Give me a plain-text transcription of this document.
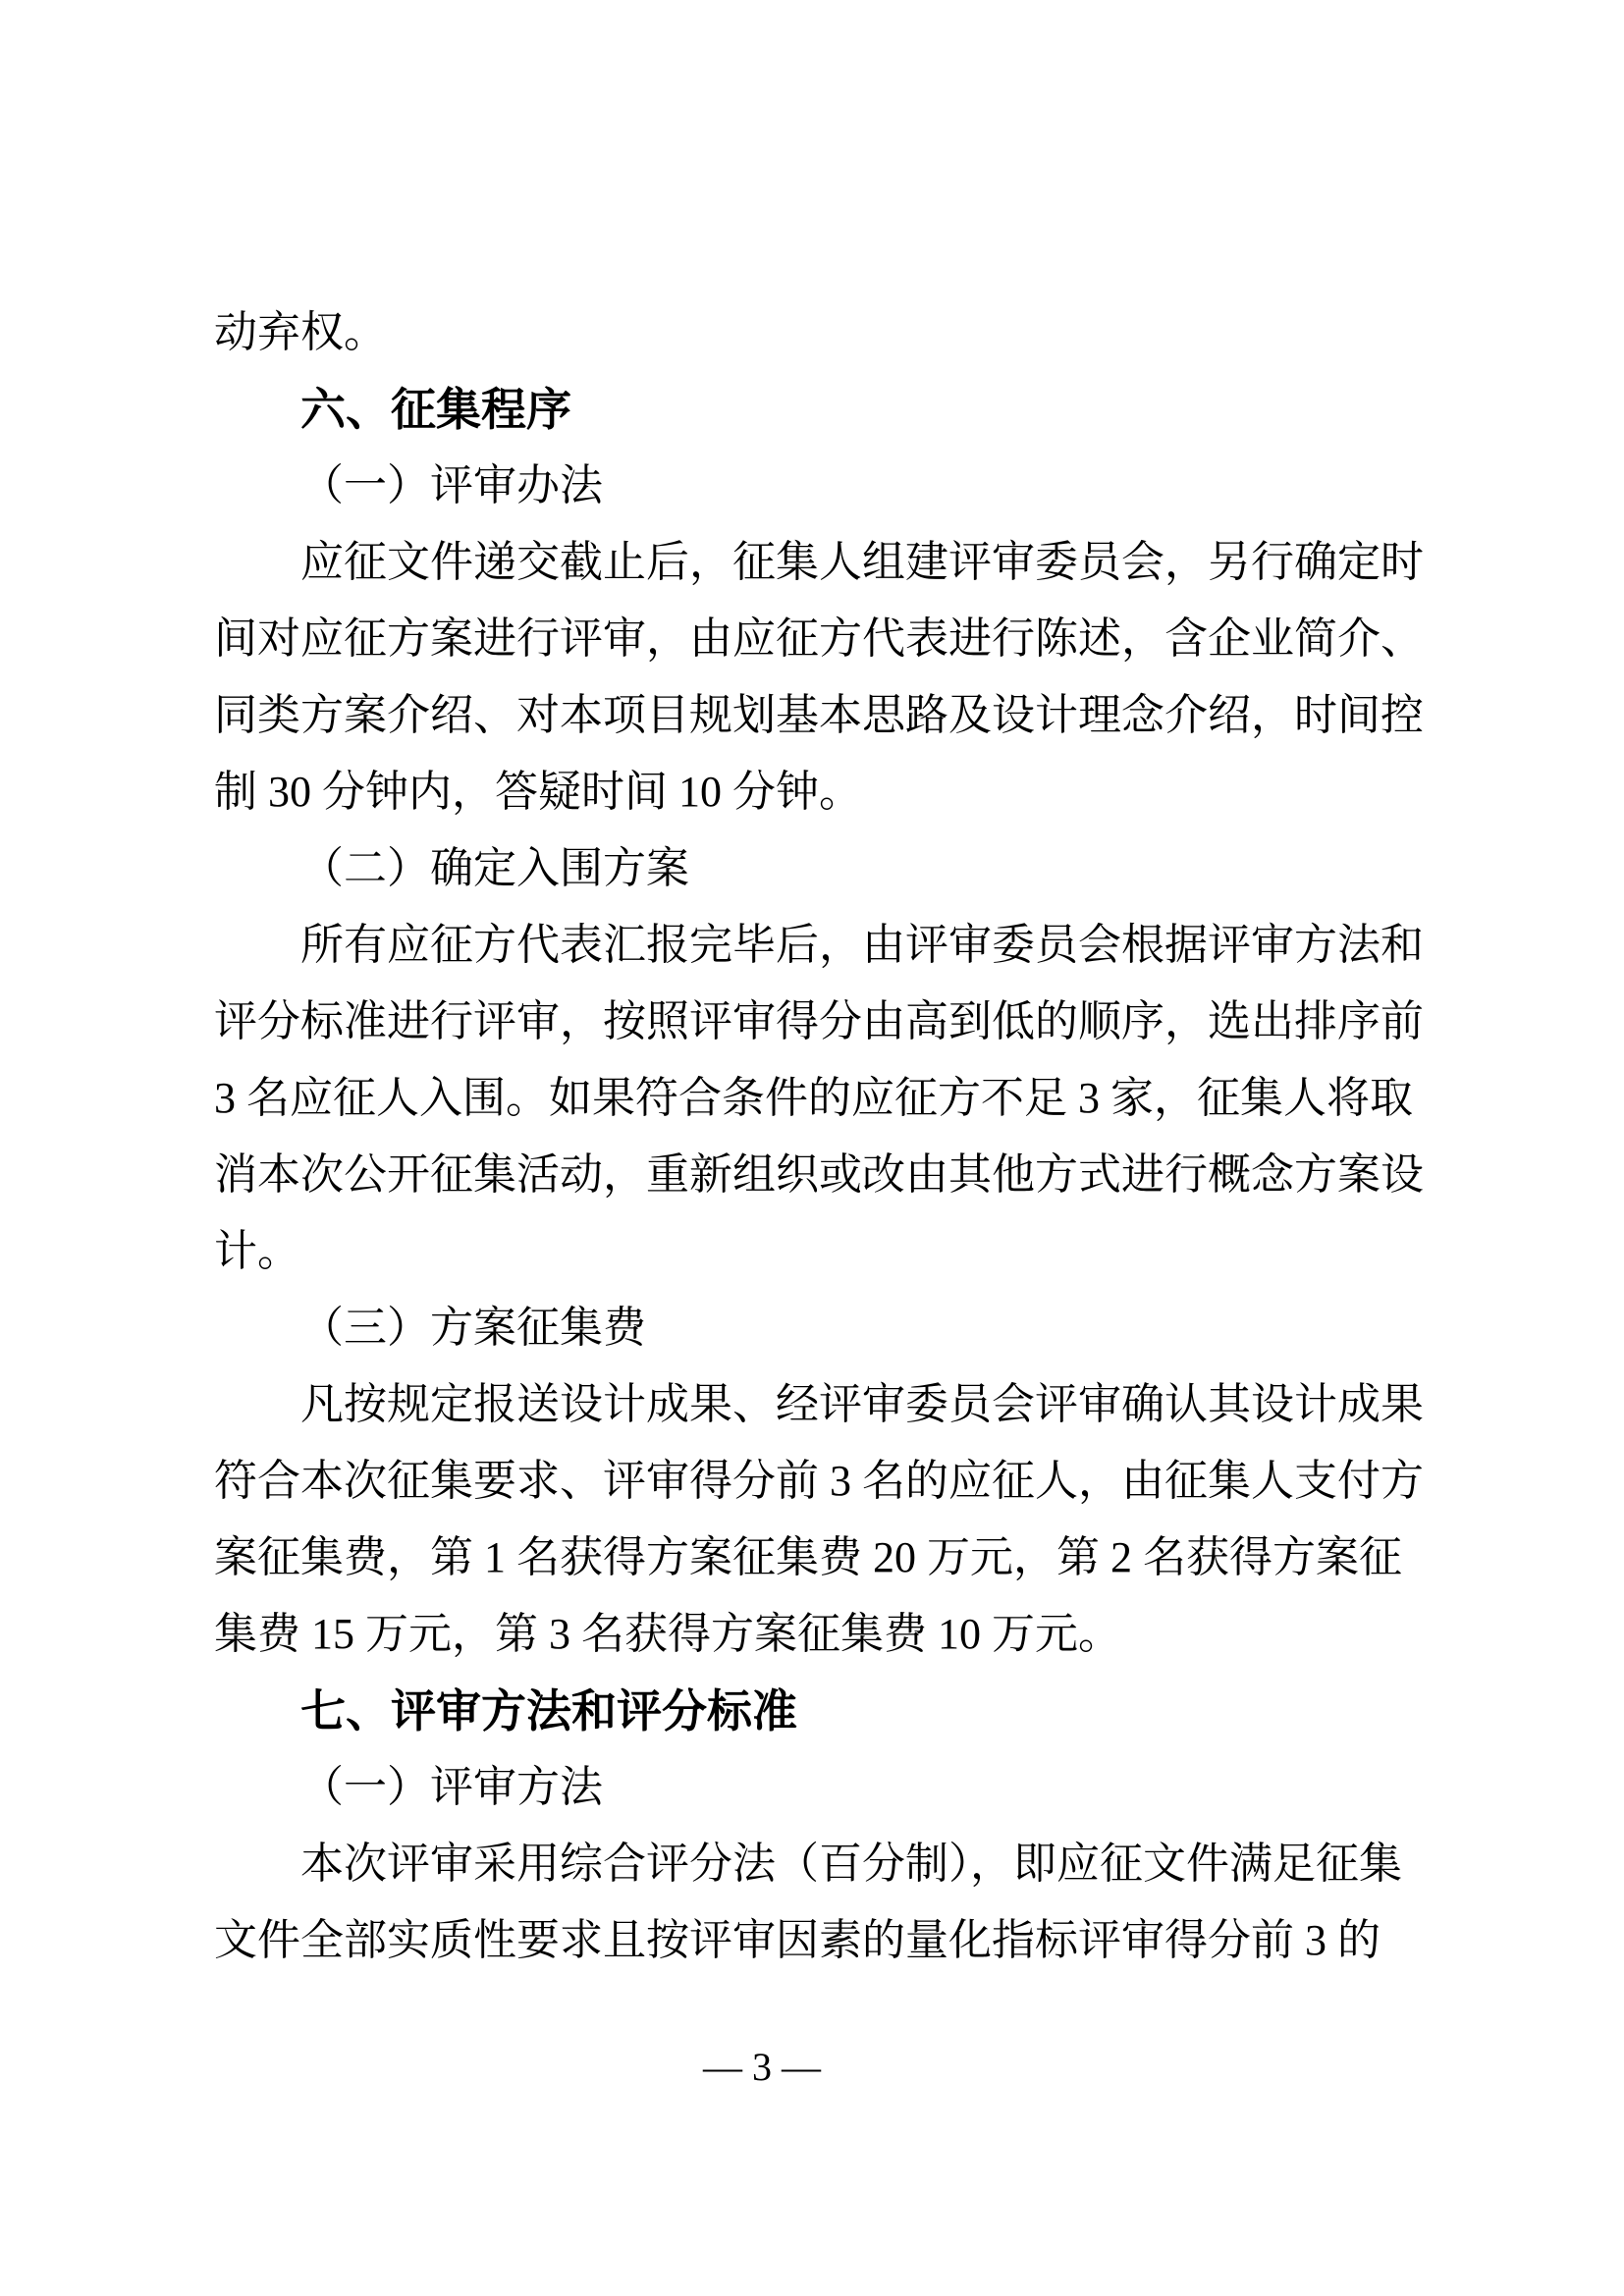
动弃权。
六、征集程序
（一）评审办法
应征文件递交截止后，征集人组建评审委员会，另行确定时
间对应征方案进行评审，由应征方代表进行陈述，含企业简介、
同类方案介绍、对本项目规划基本思路及设计理念介绍，时间控
制 30 分钟内，答疑时间 10 分钟。
（二）确定入围方案
所有应征方代表汇报完毕后，由评审委员会根据评审方法和
评分标准进行评审，按照评审得分由高到低的顺序，选出排序前
3 名应征人入围。如果符合条件的应征方不足 3 家，征集人将取
消本次公开征集活动，重新组织或改由其他方式进行概念方案设
计。
（三）方案征集费
凡按规定报送设计成果、经评审委员会评审确认其设计成果
符合本次征集要求、评审得分前 3 名的应征人，由征集人支付方
案征集费，第 1 名获得方案征集费 20 万元，第 2 名获得方案征
集费 15 万元，第 3 名获得方案征集费 10 万元。
七、评审方法和评分标准
（一）评审方法
本次评审采用综合评分法（百分制），即应征文件满足征集
文件全部实质性要求且按评审因素的量化指标评审得分前 3 的
— 3 —
